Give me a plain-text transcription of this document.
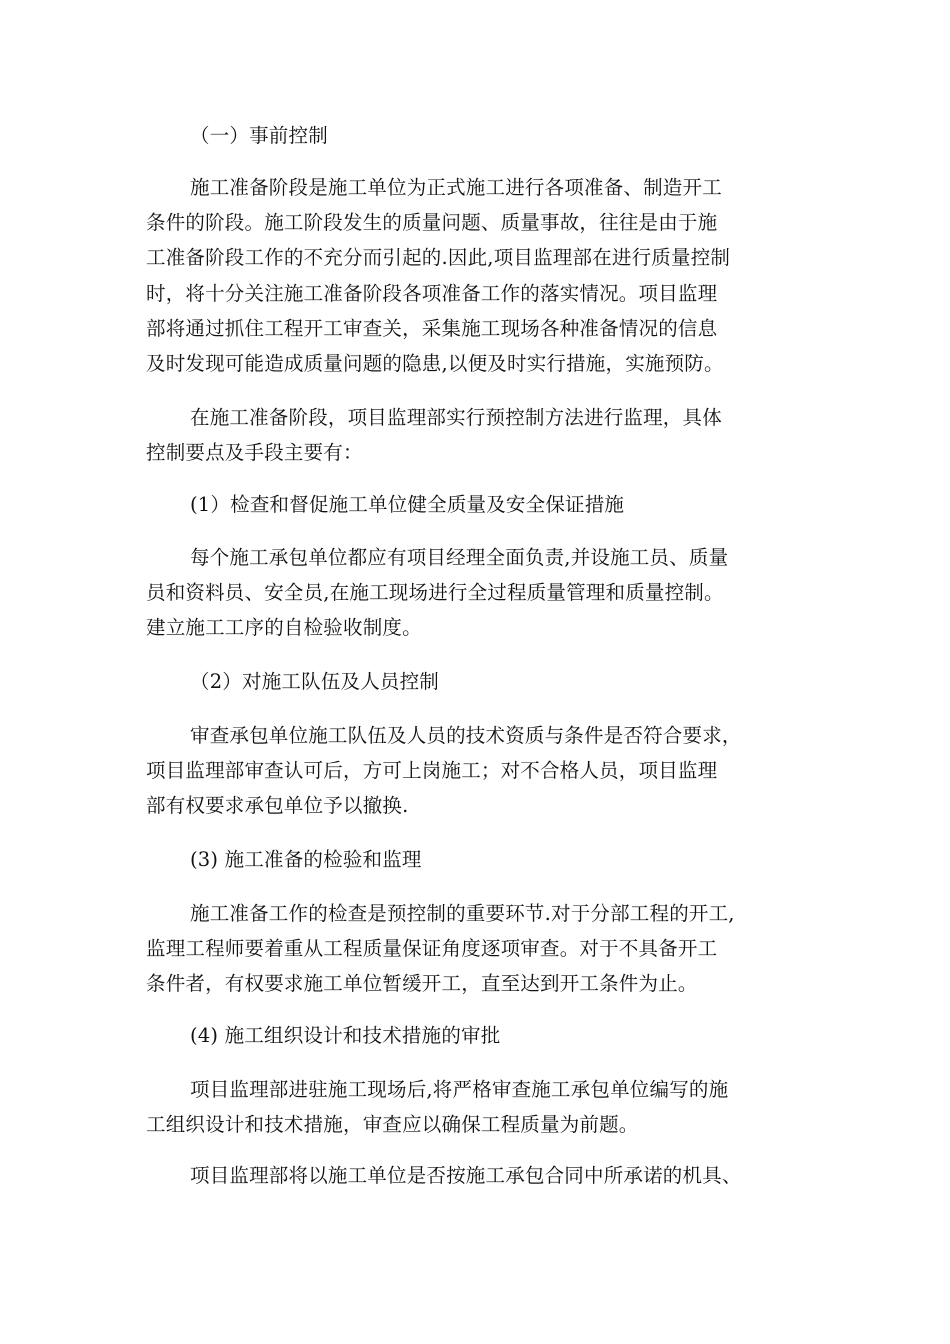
（一）事前控制
施工准备阶段是施工单位为正式施工进行各项准备、制造开工
条件的阶段。施工阶段发生的质量问题、质量事故，往往是由于施
工准备阶段工作的不充分而引起的.因此,项目监理部在进行质量控制
时，将十分关注施工准备阶段各项准备工作的落实情况。项目监理
部将通过抓住工程开工审查关，采集施工现场各种准备情况的信息
及时发现可能造成质量问题的隐患,以便及时实行措施，实施预防。
在施工准备阶段，项目监理部实行预控制方法进行监理，具体
控制要点及手段主要有：
(1）检查和督促施工单位健全质量及安全保证措施
每个施工承包单位都应有项目经理全面负责,并设施工员、质量
员和资料员、安全员,在施工现场进行全过程质量管理和质量控制。
建立施工工序的自检验收制度。
（2）对施工队伍及人员控制
审查承包单位施工队伍及人员的技术资质与条件是否符合要求，
项目监理部审查认可后，方可上岗施工；对不合格人员，项目监理
部有权要求承包单位予以撤换.
(3) 施工准备的检验和监理
施工准备工作的检查是预控制的重要环节.对于分部工程的开工,
监理工程师要着重从工程质量保证角度逐项审查。对于不具备开工
条件者，有权要求施工单位暂缓开工，直至达到开工条件为止。
(4) 施工组织设计和技术措施的审批
项目监理部进驻施工现场后,将严格审查施工承包单位编写的施
工组织设计和技术措施，审查应以确保工程质量为前题。
项目监理部将以施工单位是否按施工承包合同中所承诺的机具、
